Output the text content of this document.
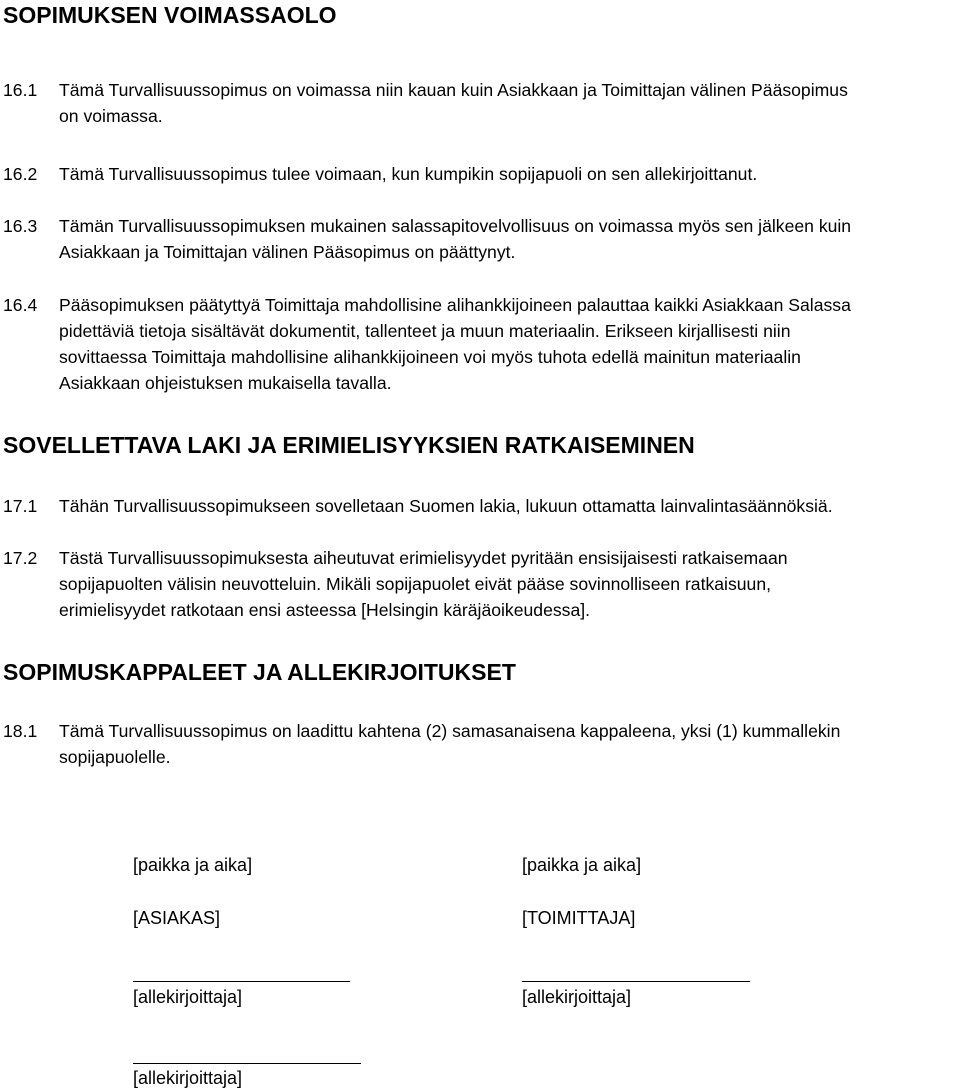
SOPIMUKSEN VOIMASSAOLO
16.1	Tämä Turvallisuussopimus on voimassa niin kauan kuin Asiakkaan ja Toimittajan välinen Pääsopimus
on voimassa.
16.2	Tämä Turvallisuussopimus tulee voimaan, kun kumpikin sopijapuoli on sen allekirjoittanut.
16.3	Tämän Turvallisuussopimuksen mukainen salassapitovelvollisuus on voimassa myös sen jälkeen kuin
Asiakkaan ja Toimittajan välinen Pääsopimus on päättynyt.
16.4	Pääsopimuksen päätyttyä Toimittaja mahdollisine alihankkijoineen palauttaa kaikki Asiakkaan Salassa
pidettäviä tietoja sisältävät dokumentit, tallenteet ja muun materiaalin. Erikseen kirjallisesti niin
sovittaessa Toimittaja mahdollisine alihankkijoineen voi myös tuhota edellä mainitun materiaalin
Asiakkaan ohjeistuksen mukaisella tavalla.
SOVELLETTAVA LAKI JA ERIMIELISYYKSIEN RATKAISEMINEN
17.1	Tähän Turvallisuussopimukseen sovelletaan Suomen lakia, lukuun ottamatta lainvalintasäännöksiä.
17.2	Tästä Turvallisuussopimuksesta aiheutuvat erimielisyydet pyritään ensisijaisesti ratkaisemaan
sopijapuolten välisin neuvotteluin. Mikäli sopijapuolet eivät pääse sovinnolliseen ratkaisuun,
erimielisyydet ratkotaan ensi asteessa [Helsingin käräjäoikeudessa].
SOPIMUSKAPPALEET JA ALLEKIRJOITUKSET
18.1	Tämä Turvallisuussopimus on laadittu kahtena (2) samasanaisena kappaleena, yksi (1) kummallekin
sopijapuolelle.
[paikka ja aika]
[ASIAKAS]
[allekirjoittaja]
[allekirjoittaja]
[paikka ja aika]
[TOIMITTAJA]
[allekirjoittaja]
